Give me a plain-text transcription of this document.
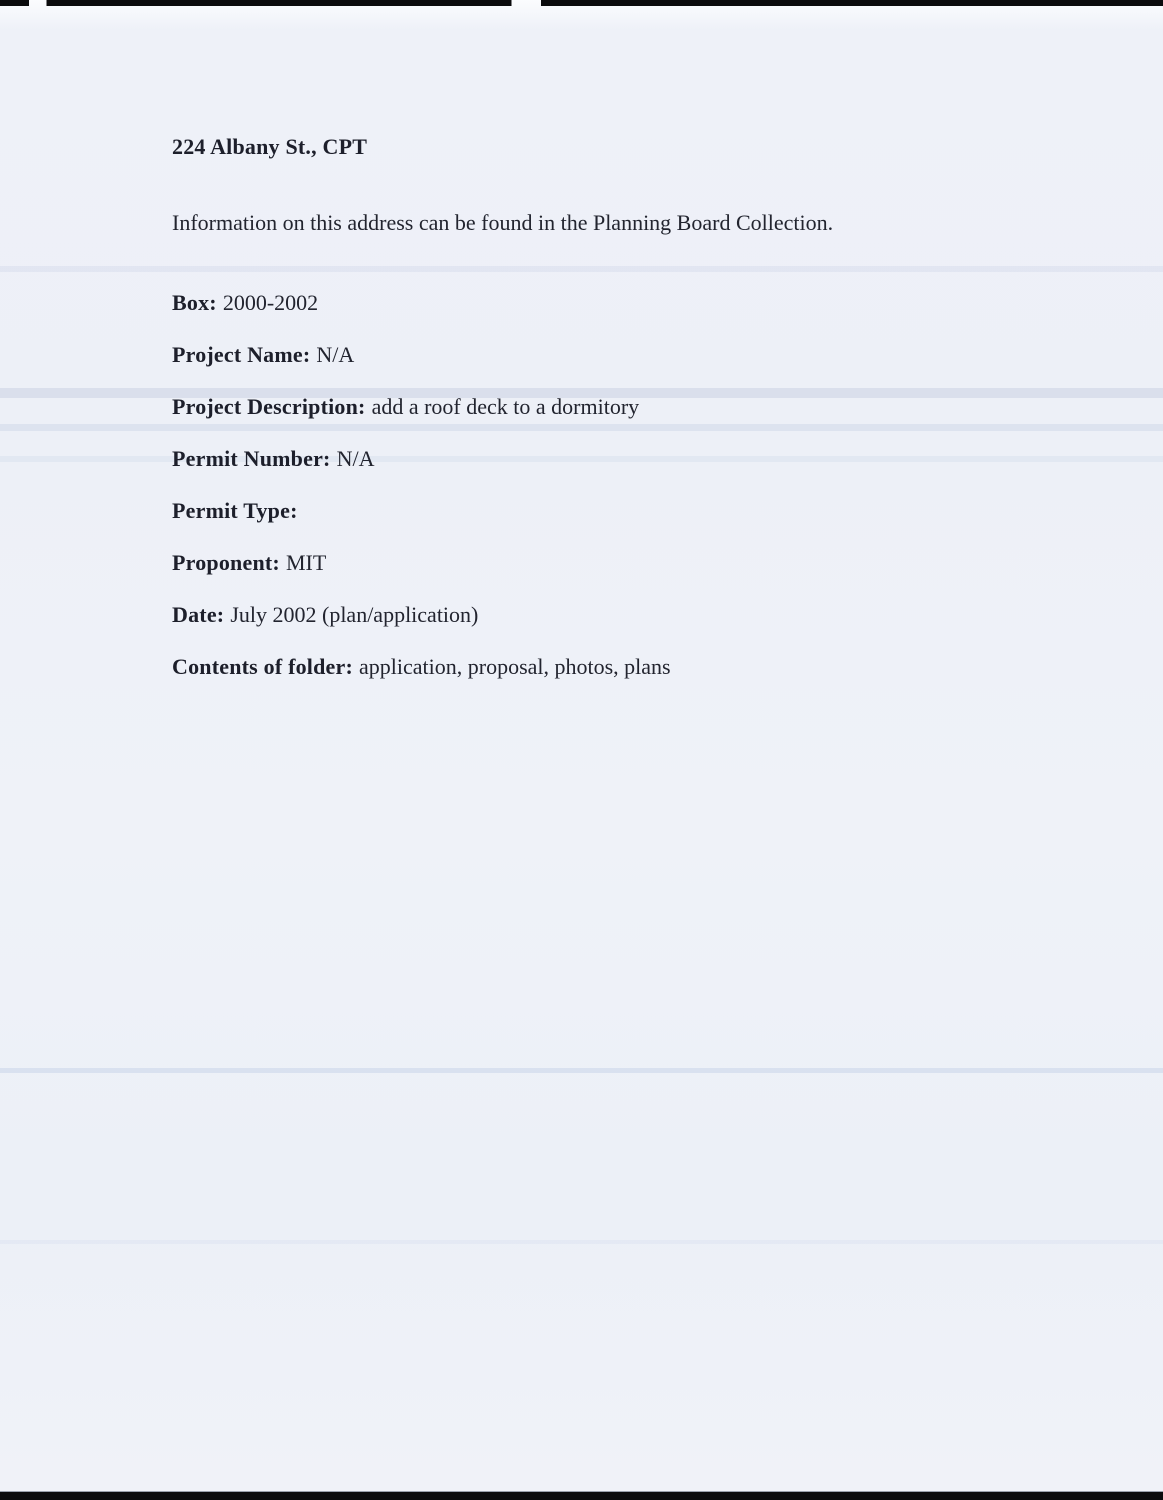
224 Albany St., CPT

Information on this address can be found in the Planning Board Collection.

Box: 2000-2002

Project Name: N/A

Project Description: add a roof deck to a dormitory

Permit Number: N/A

Permit Type:

Proponent: MIT

Date: July 2002 (plan/application)

Contents of folder: application, proposal, photos, plans
